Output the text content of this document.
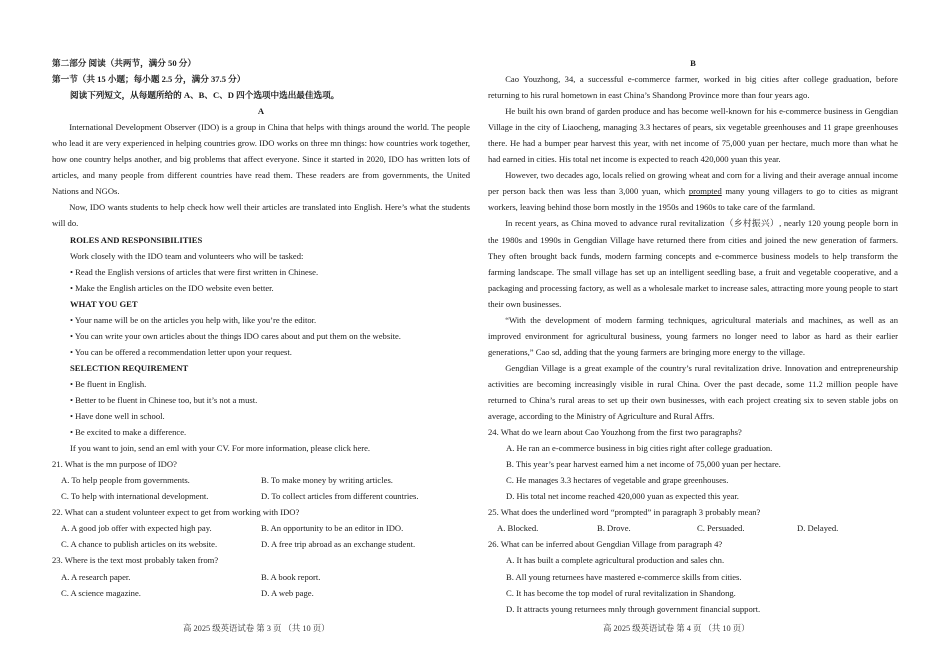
第二部分 阅读（共两节，满分 50 分）

第一节（共 15 小题；每小题 2.5 分，满分 37.5 分）

阅读下列短文，从每题所给的 A、B、C、D 四个选项中选出最佳选项。

A

International Development Observer (IDO) is a group in China that helps with things around the world. The people who lead it are very experienced in helping countries grow. IDO works on three mn things: how countries work together, how one country helps another, and big problems that affect everyone. Since it started in 2020, IDO has written lots of articles, and many people from different countries have read them. These readers are from governments, the United Nations and NGOs.

Now, IDO wants students to help check how well their articles are translated into English. Here’s what the students will do.

ROLES AND RESPONSIBILITIES

Work closely with the IDO team and volunteers who will be tasked:

• Read the English versions of articles that were first written in Chinese.

• Make the English articles on the IDO website even better.

WHAT YOU GET

• Your name will be on the articles you help with, like you’re the editor.

• You can write your own articles about the things IDO cares about and put them on the website.

• You can be offered a recommendation letter upon your request.

SELECTION REQUIREMENT

• Be fluent in English.

• Better to be fluent in Chinese too, but it’s not a must.

• Have done well in school.

• Be excited to make a difference.

If you want to join, send an eml with your CV. For more information, please click here.

21. What is the mn purpose of IDO?

A. To help people from governments.	B. To make money by writing articles.
C. To help with international development.	D. To collect articles from different countries.

22. What can a student volunteer expect to get from working with IDO?

A. A good job offer with expected high pay.	B. An opportunity to be an editor in IDO.
C. A chance to publish articles on its website.	D. A free trip abroad as an exchange student.

23. Where is the text most probably taken from?

A. A research paper.	B. A book report.
C. A science magazine.	D. A web page.
高 2025 级英语试卷 第 3 页 （共 10 页）

B

Cao Youzhong, 34, a successful e-commerce farmer, worked in big cities after college graduation, before returning to his rural hometown in east China’s Shandong Province more than four years ago.

He built his own brand of garden produce and has become well-known for his e-commerce business in Gengdian Village in the city of Liaocheng, managing 3.3 hectares of pears, six vegetable greenhouses and 11 grape greenhouses there. He had a bumper pear harvest this year, with net income of 75,000 yuan per hectare, much more than what he had earned in cities. His total net income is expected to reach 420,000 yuan this year.

However, two decades ago, locals relied on growing wheat and corn for a living and their average annual income per person back then was less than 3,000 yuan, which prompted many young villagers to go to cities as migrant workers, leaving behind those born mostly in the 1950s and 1960s to take care of the farmland.

In recent years, as China moved to advance rural revitalization（乡村振兴）, nearly 120 young people born in the 1980s and 1990s in Gengdian Village have returned there from cities and joined the new generation of farmers. They often brought back funds, modern farming concepts and e-commerce business models to help transform the farming landscape. The small village has set up an intelligent seedling base, a fruit and vegetable cooperative, and a packaging and processing factory, as well as a wholesale market to increase sales, attracting more young people to start their own businesses.

“With the development of modern farming techniques, agricultural materials and machines, as well as an improved environment for agricultural business, young farmers no longer need to labor as hard as their earlier generations,” Cao sd, adding that the young farmers are bringing more energy to the village.

Gengdian Village is a great example of the country’s rural revitalization drive. Innovation and entrepreneurship activities are becoming increasingly visible in rural China. Over the past decade, some 11.2 million people have returned to China’s rural areas to set up their own businesses, with each project creating six to seven stable jobs on average, according to the Ministry of Agriculture and Rural Affrs.

24. What do we learn about Cao Youzhong from the first two paragraphs?

A. He ran an e-commerce business in big cities right after college graduation.

B. This year’s pear harvest earned him a net income of 75,000 yuan per hectare.

C. He manages 3.3 hectares of vegetable and grape greenhouses.

D. His total net income reached 420,000 yuan as expected this year.

25. What does the underlined word “prompted” in paragraph 3 probably mean?

A. Blocked.	B. Drove.	C. Persuaded.	D. Delayed.

26. What can be inferred about Gengdian Village from paragraph 4?

A. It has built a complete agricultural production and sales chn.

B. All young returnees have mastered e-commerce skills from cities.

C. It has become the top model of rural revitalization in Shandong.

D. It attracts young returnees mnly through government financial support.

高 2025 级英语试卷 第 4 页 （共 10 页）
